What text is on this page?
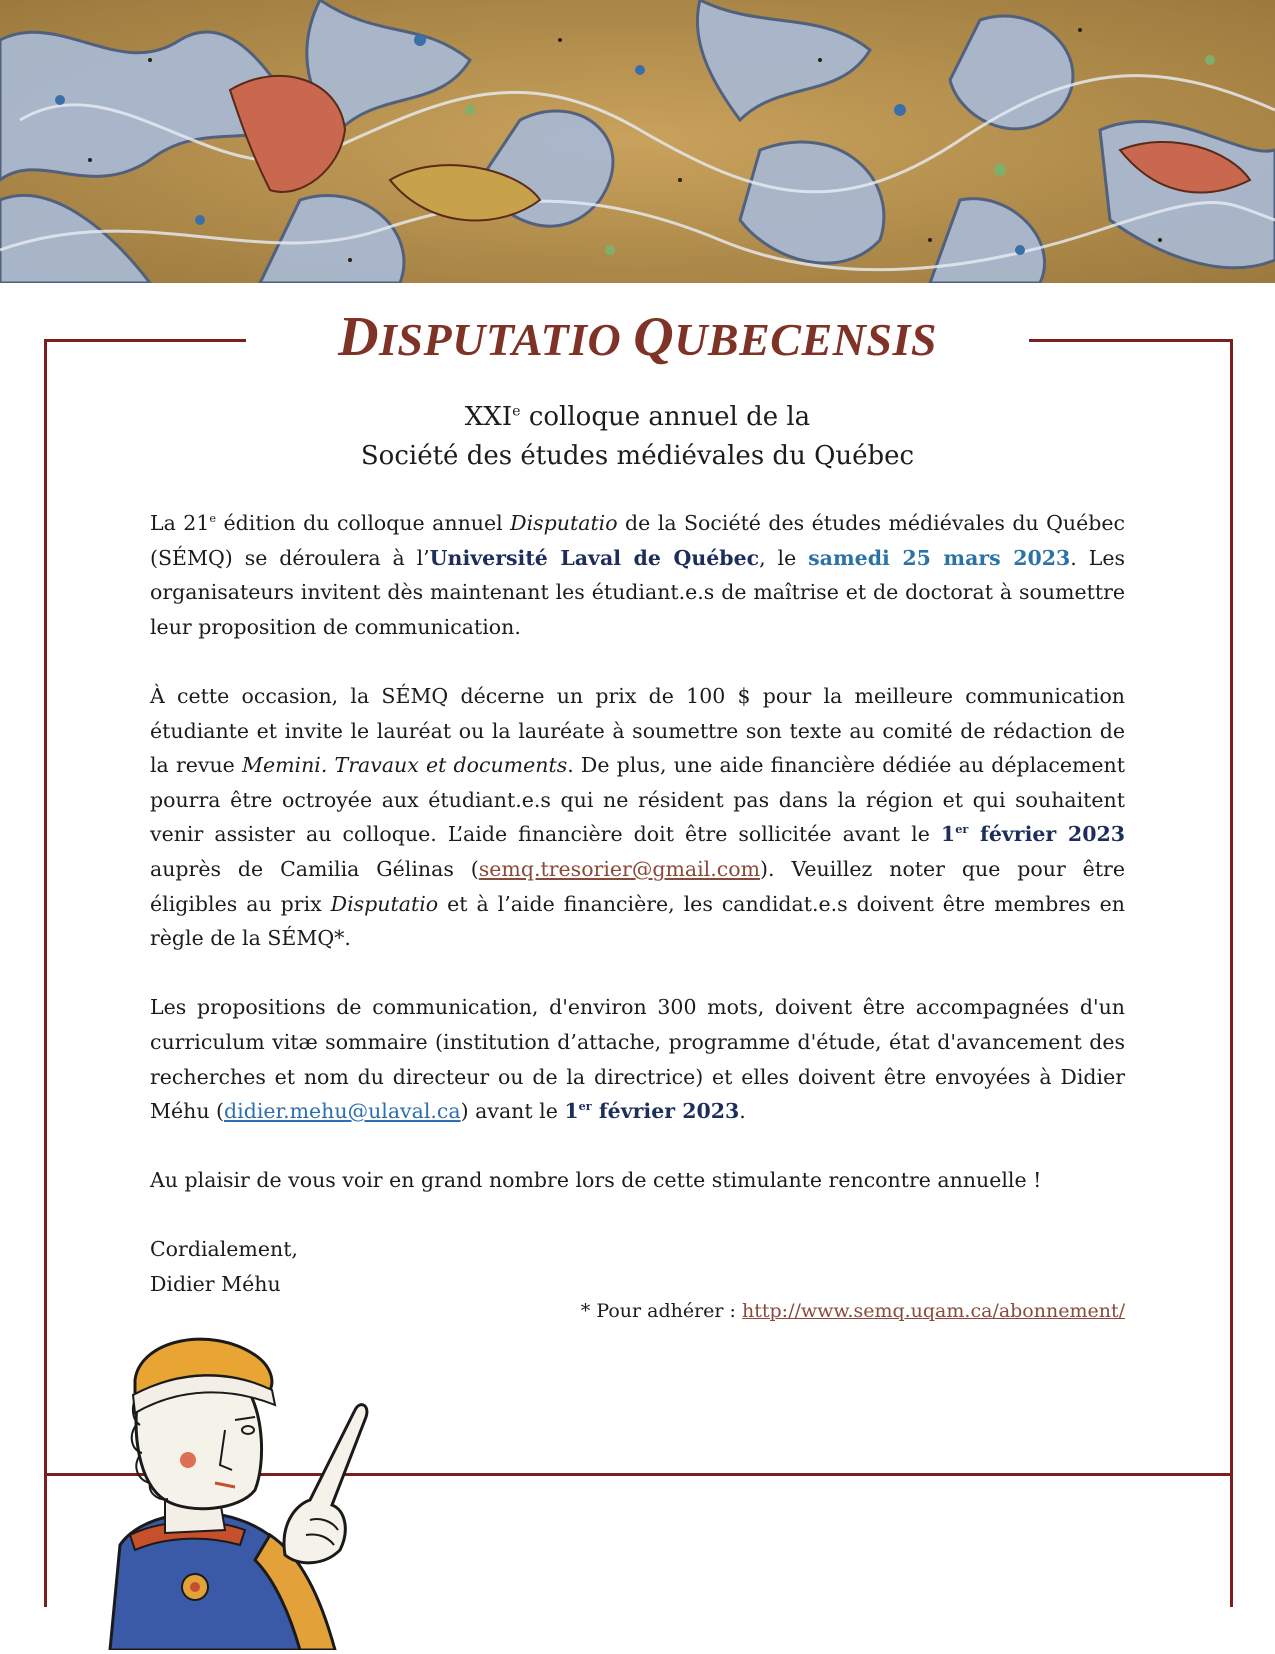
DISPUTATIO QUBECENSIS
XXIe colloque annuel de la
Société des études médiévales du Québec

La 21e édition du colloque annuel Disputatio de la Société des études médiévales du Québec (SÉMQ) se déroulera à l’Université Laval de Québec, le samedi 25 mars 2023. Les organisateurs invitent dès maintenant les étudiant.e.s de maîtrise et de doctorat à soumettre leur proposition de communication.

À cette occasion, la SÉMQ décerne un prix de 100 $ pour la meilleure communication étudiante et invite le lauréat ou la lauréate à soumettre son texte au comité de rédaction de la revue Memini. Travaux et documents. De plus, une aide financière dédiée au déplacement pourra être octroyée aux étudiant.e.s qui ne résident pas dans la région et qui souhaitent venir assister au colloque. L’aide financière doit être sollicitée avant le 1er février 2023 auprès de Camilia Gélinas (semq.tresorier@gmail.com). Veuillez noter que pour être éligibles au prix Disputatio et à l’aide financière, les candidat.e.s doivent être membres en règle de la SÉMQ*.

Les propositions de communication, d'environ 300 mots, doivent être accompagnées d'un curriculum vitæ sommaire (institution d’attache, programme d'étude, état d'avancement des recherches et nom du directeur ou de la directrice) et elles doivent être envoyées à Didier Méhu (didier.mehu@ulaval.ca) avant le 1er février 2023.

Au plaisir de vous voir en grand nombre lors de cette stimulante rencontre annuelle !

Cordialement,
Didier Méhu

* Pour adhérer : http://www.semq.uqam.ca/abonnement/
